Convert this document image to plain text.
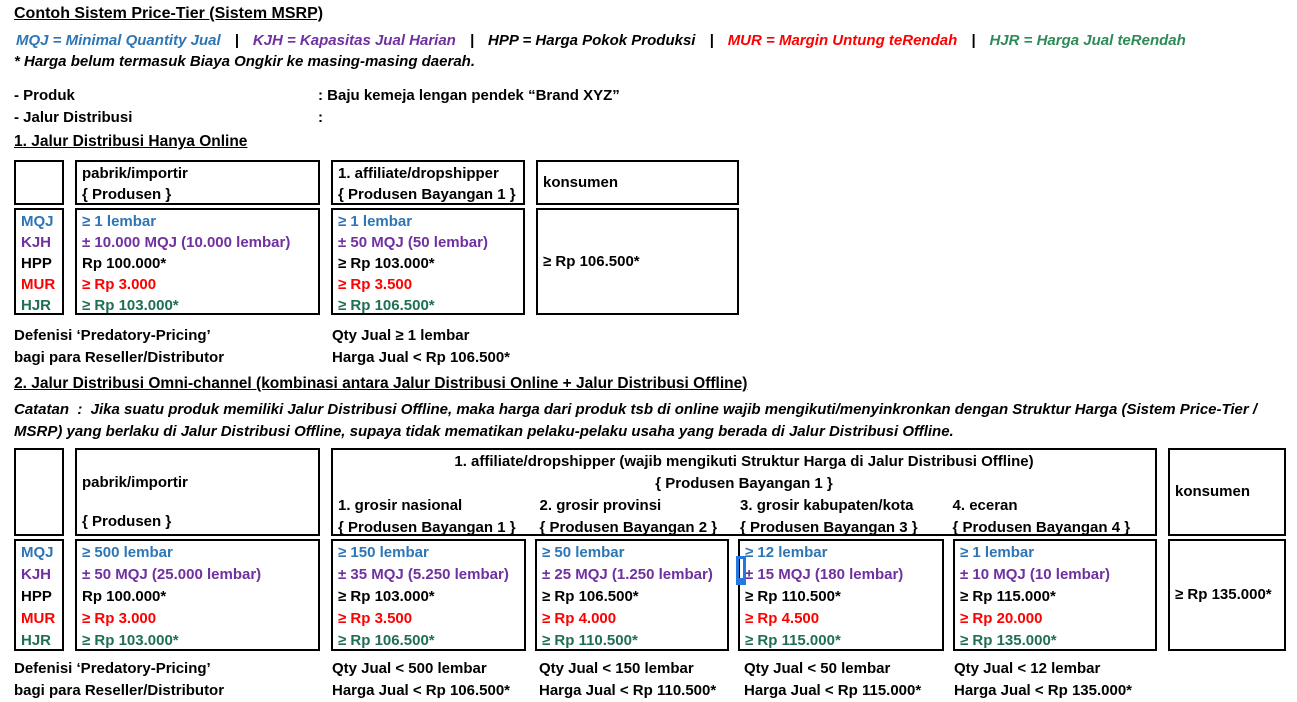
Contoh Sistem Price-Tier (Sistem MSRP)
MQJ = Minimal Quantity Jual | KJH = Kapasitas Jual Harian | HPP = Harga Pokok Produksi | MUR = Margin Untung teRendah | HJR = Harga Jual teRendah
* Harga belum termasuk Biaya Ongkir ke masing-masing daerah.
- Produk	: Baju kemeja lengan pendek “Brand XYZ”
- Jalur Distribusi	:
1. Jalur Distribusi Hanya Online
MQJ
KJH
HPP
MUR
HJR
pabrik/importir
{ Produsen }
≥ 1 lembar
± 10.000 MQJ (10.000 lembar)
Rp 100.000*
≥ Rp 3.000
≥ Rp 103.000*
1. affiliate/dropshipper
{ Produsen Bayangan 1 }
≥ 1 lembar
± 50 MQJ (50 lembar)
≥ Rp 103.000*
≥ Rp 3.500
≥ Rp 106.500*
konsumen
≥ Rp 106.500*
Defenisi ‘Predatory-Pricing’
bagi para Reseller/Distributor
Qty Jual ≥ 1 lembar
Harga Jual < Rp 106.500*
2. Jalur Distribusi Omni-channel (kombinasi antara Jalur Distribusi Online + Jalur Distribusi Offline)
Catatan  :  Jika suatu produk memiliki Jalur Distribusi Offline, maka harga dari produk tsb di online wajib mengikuti/menyinkronkan dengan Struktur Harga (Sistem Price-Tier / MSRP) yang berlaku di Jalur Distribusi Offline, supaya tidak mematikan pelaku-pelaku usaha yang berada di Jalur Distribusi Offline.
MQJ
KJH
HPP
MUR
HJR
pabrik/importir
{ Produsen }
≥ 500 lembar
± 50 MQJ (25.000 lembar)
Rp 100.000*
≥ Rp 3.000
≥ Rp 103.000*
1. affiliate/dropshipper (wajib mengikuti Struktur Harga di Jalur Distribusi Offline)
{ Produsen Bayangan 1 }
1. grosir nasional
{ Produsen Bayangan 1 }
2. grosir provinsi
{ Produsen Bayangan 2 }
3. grosir kabupaten/kota
{ Produsen Bayangan 3 }
4. eceran
{ Produsen Bayangan 4 }
≥ 150 lembar
± 35 MQJ (5.250 lembar)
≥ Rp 103.000*
≥ Rp 3.500
≥ Rp 106.500*
≥ 50 lembar
± 25 MQJ (1.250 lembar)
≥ Rp 106.500*
≥ Rp 4.000
≥ Rp 110.500*
≥ 12 lembar
± 15 MQJ (180 lembar)
≥ Rp 110.500*
≥ Rp 4.500
≥ Rp 115.000*
≥ 1 lembar
± 10 MQJ (10 lembar)
≥ Rp 115.000*
≥ Rp 20.000
≥ Rp 135.000*
konsumen
≥ Rp 135.000*
Defenisi ‘Predatory-Pricing’
bagi para Reseller/Distributor
Qty Jual < 500 lembar
Harga Jual < Rp 106.500*
Qty Jual < 150 lembar
Harga Jual < Rp 110.500*
Qty Jual < 50 lembar
Harga Jual < Rp 115.000*
Qty Jual < 12 lembar
Harga Jual < Rp 135.000*
